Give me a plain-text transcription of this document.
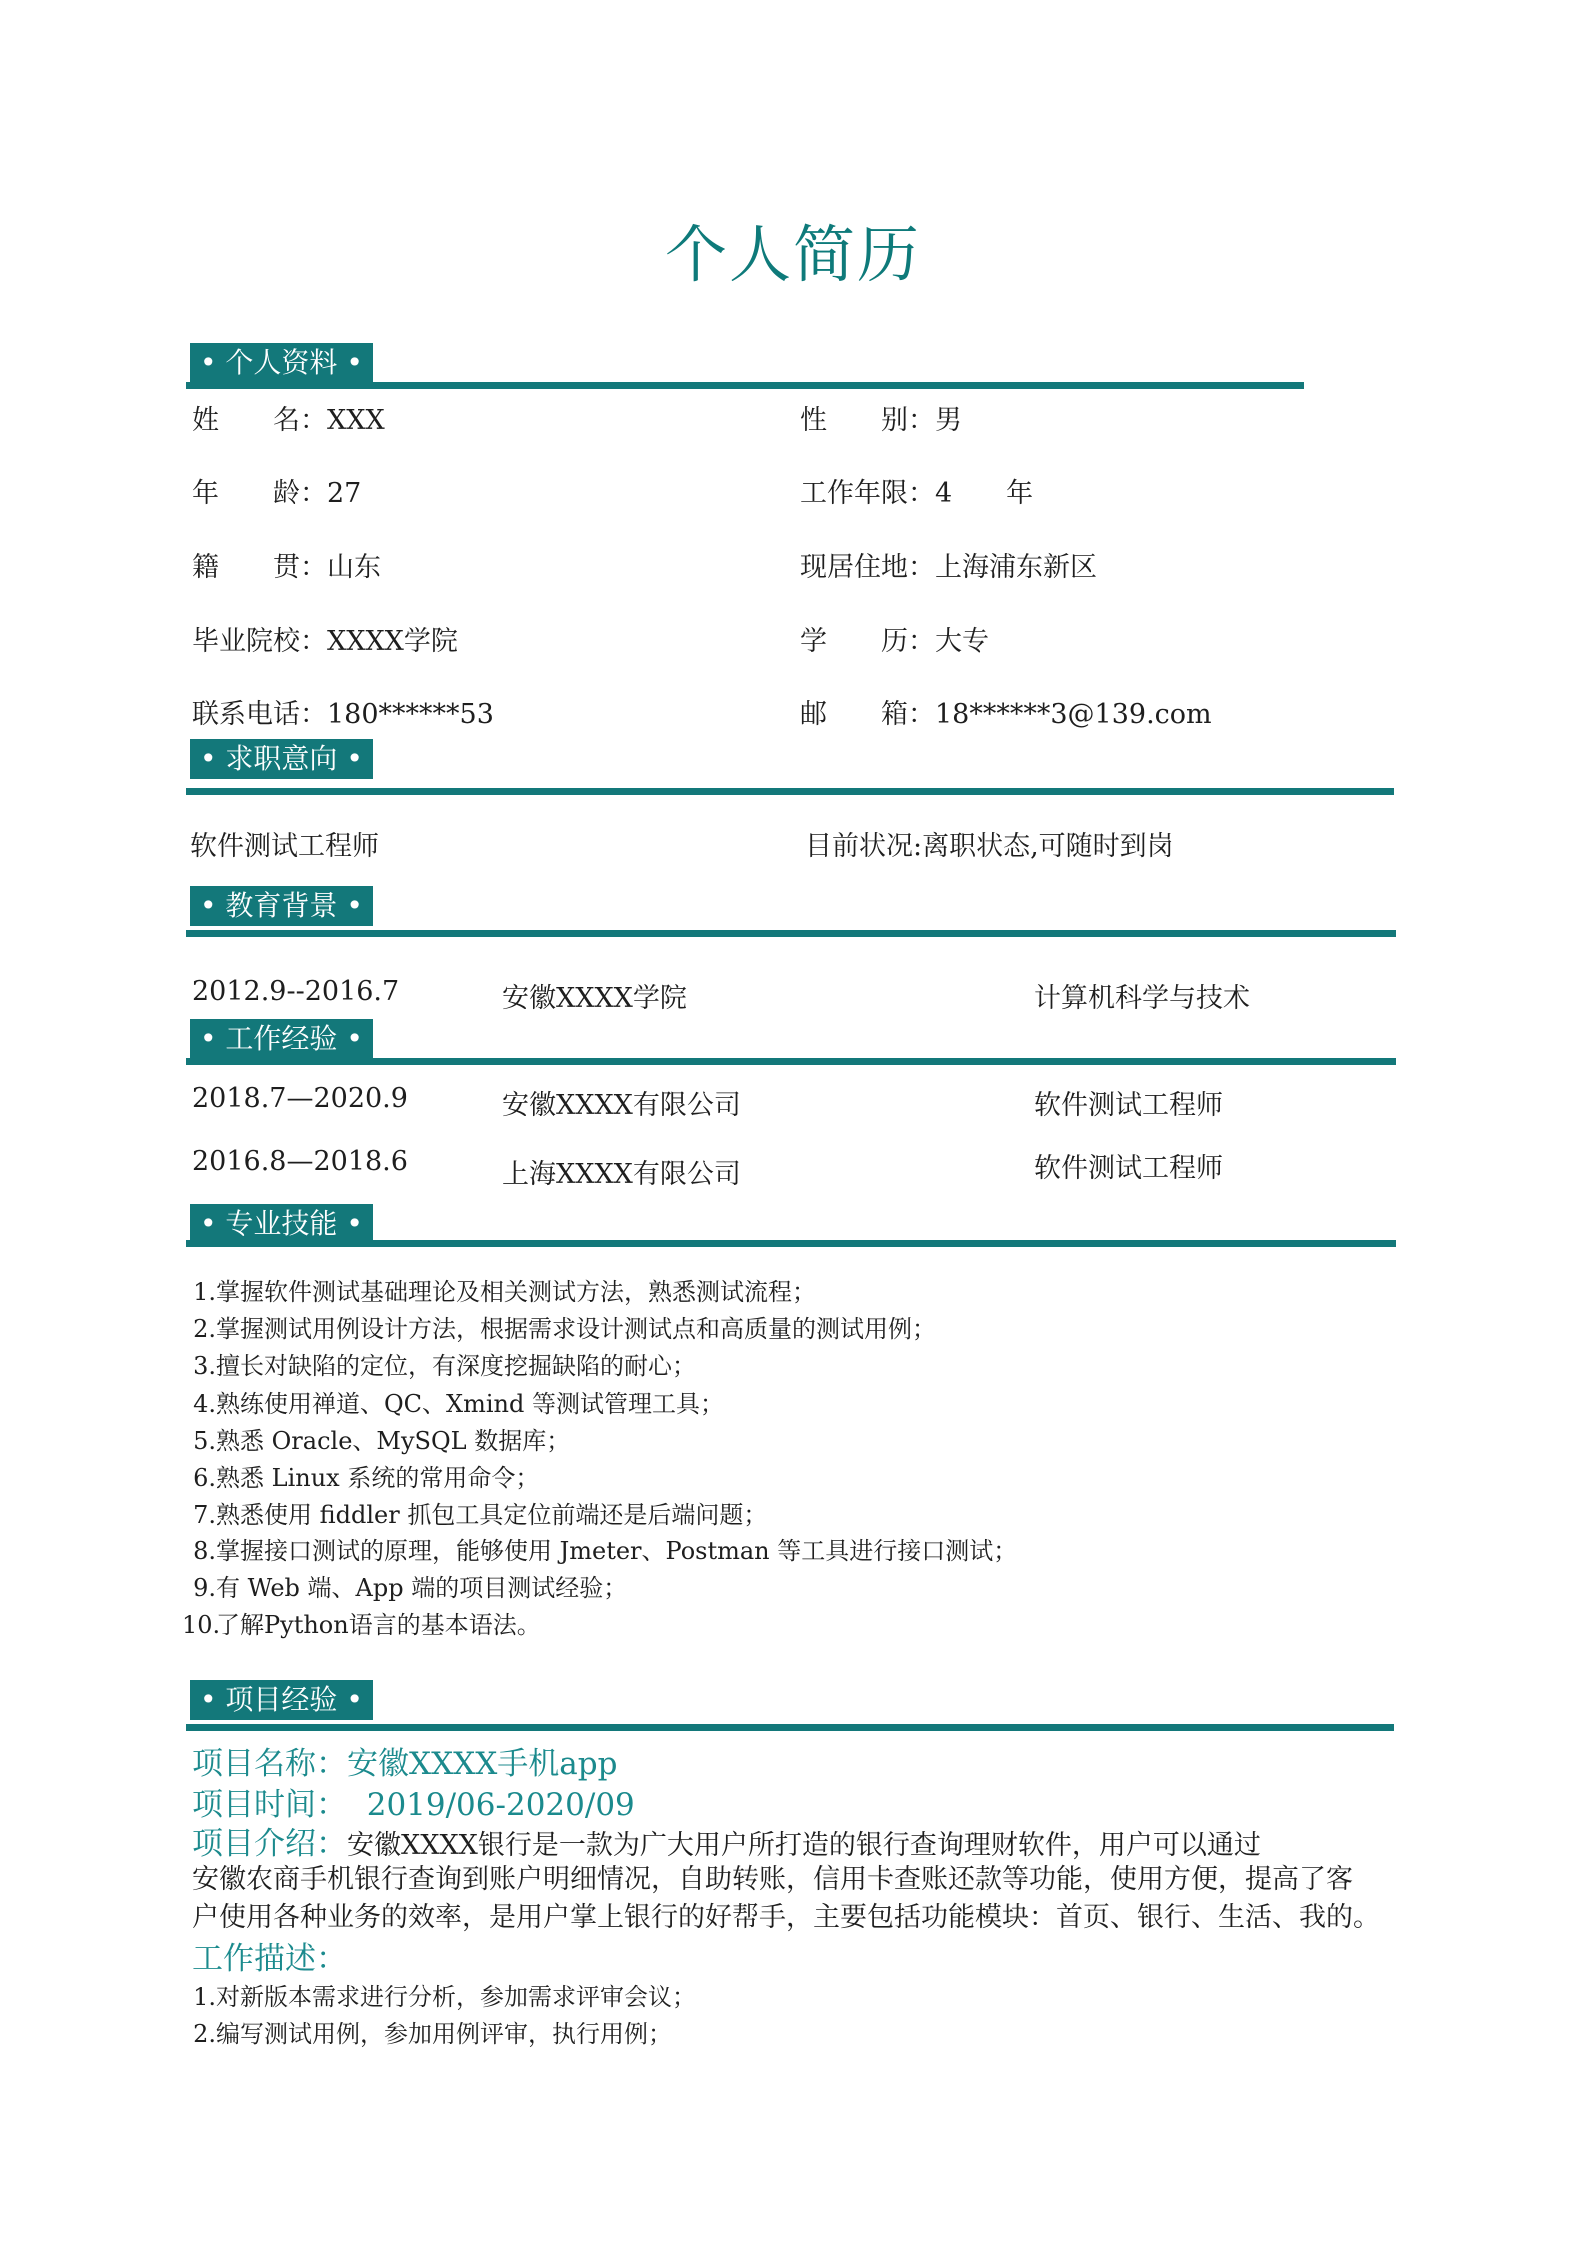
个人简历
• 个人资料 •
姓　　名：XXX	性　　别：男
年　　龄：27	工作年限：4　　年
籍　　贯：山东	现居住地：上海浦东新区
毕业院校：XXXX学院	学　　历：大专
联系电话：180******53	邮　　箱：18******3@139.com
• 求职意向 •
软件测试工程师	目前状况:离职状态,可随时到岗
• 教育背景 •
2012.9--2016.7	安徽XXXX学院	计算机科学与技术
• 工作经验 •
2018.7—2020.9	安徽XXXX有限公司	软件测试工程师
2016.8—2018.6	上海XXXX有限公司	软件测试工程师
• 专业技能 •
1.掌握软件测试基础理论及相关测试方法，熟悉测试流程；
2.掌握测试用例设计方法，根据需求设计测试点和高质量的测试用例；
3.擅长对缺陷的定位，有深度挖掘缺陷的耐心；
4.熟练使用禅道、QC、Xmind 等测试管理工具；
5.熟悉 Oracle、MySQL 数据库；
6.熟悉 Linux 系统的常用命令；
7.熟悉使用 fiddler 抓包工具定位前端还是后端问题；
8.掌握接口测试的原理，能够使用 Jmeter、Postman 等工具进行接口测试；
9.有 Web 端、App 端的项目测试经验；
10.了解Python语言的基本语法。
• 项目经验 •
项目名称：安徽XXXX手机app
项目时间： 2019/06-2020/09
项目介绍：安徽XXXX银行是一款为广大用户所打造的银行查询理财软件，用户可以通过
安徽农商手机银行查询到账户明细情况，自助转账，信用卡查账还款等功能，使用方便，提高了客
户使用各种业务的效率，是用户掌上银行的好帮手，主要包括功能模块：首页、银行、生活、我的。
工作描述：
1.对新版本需求进行分析，参加需求评审会议；
2.编写测试用例，参加用例评审，执行用例；
